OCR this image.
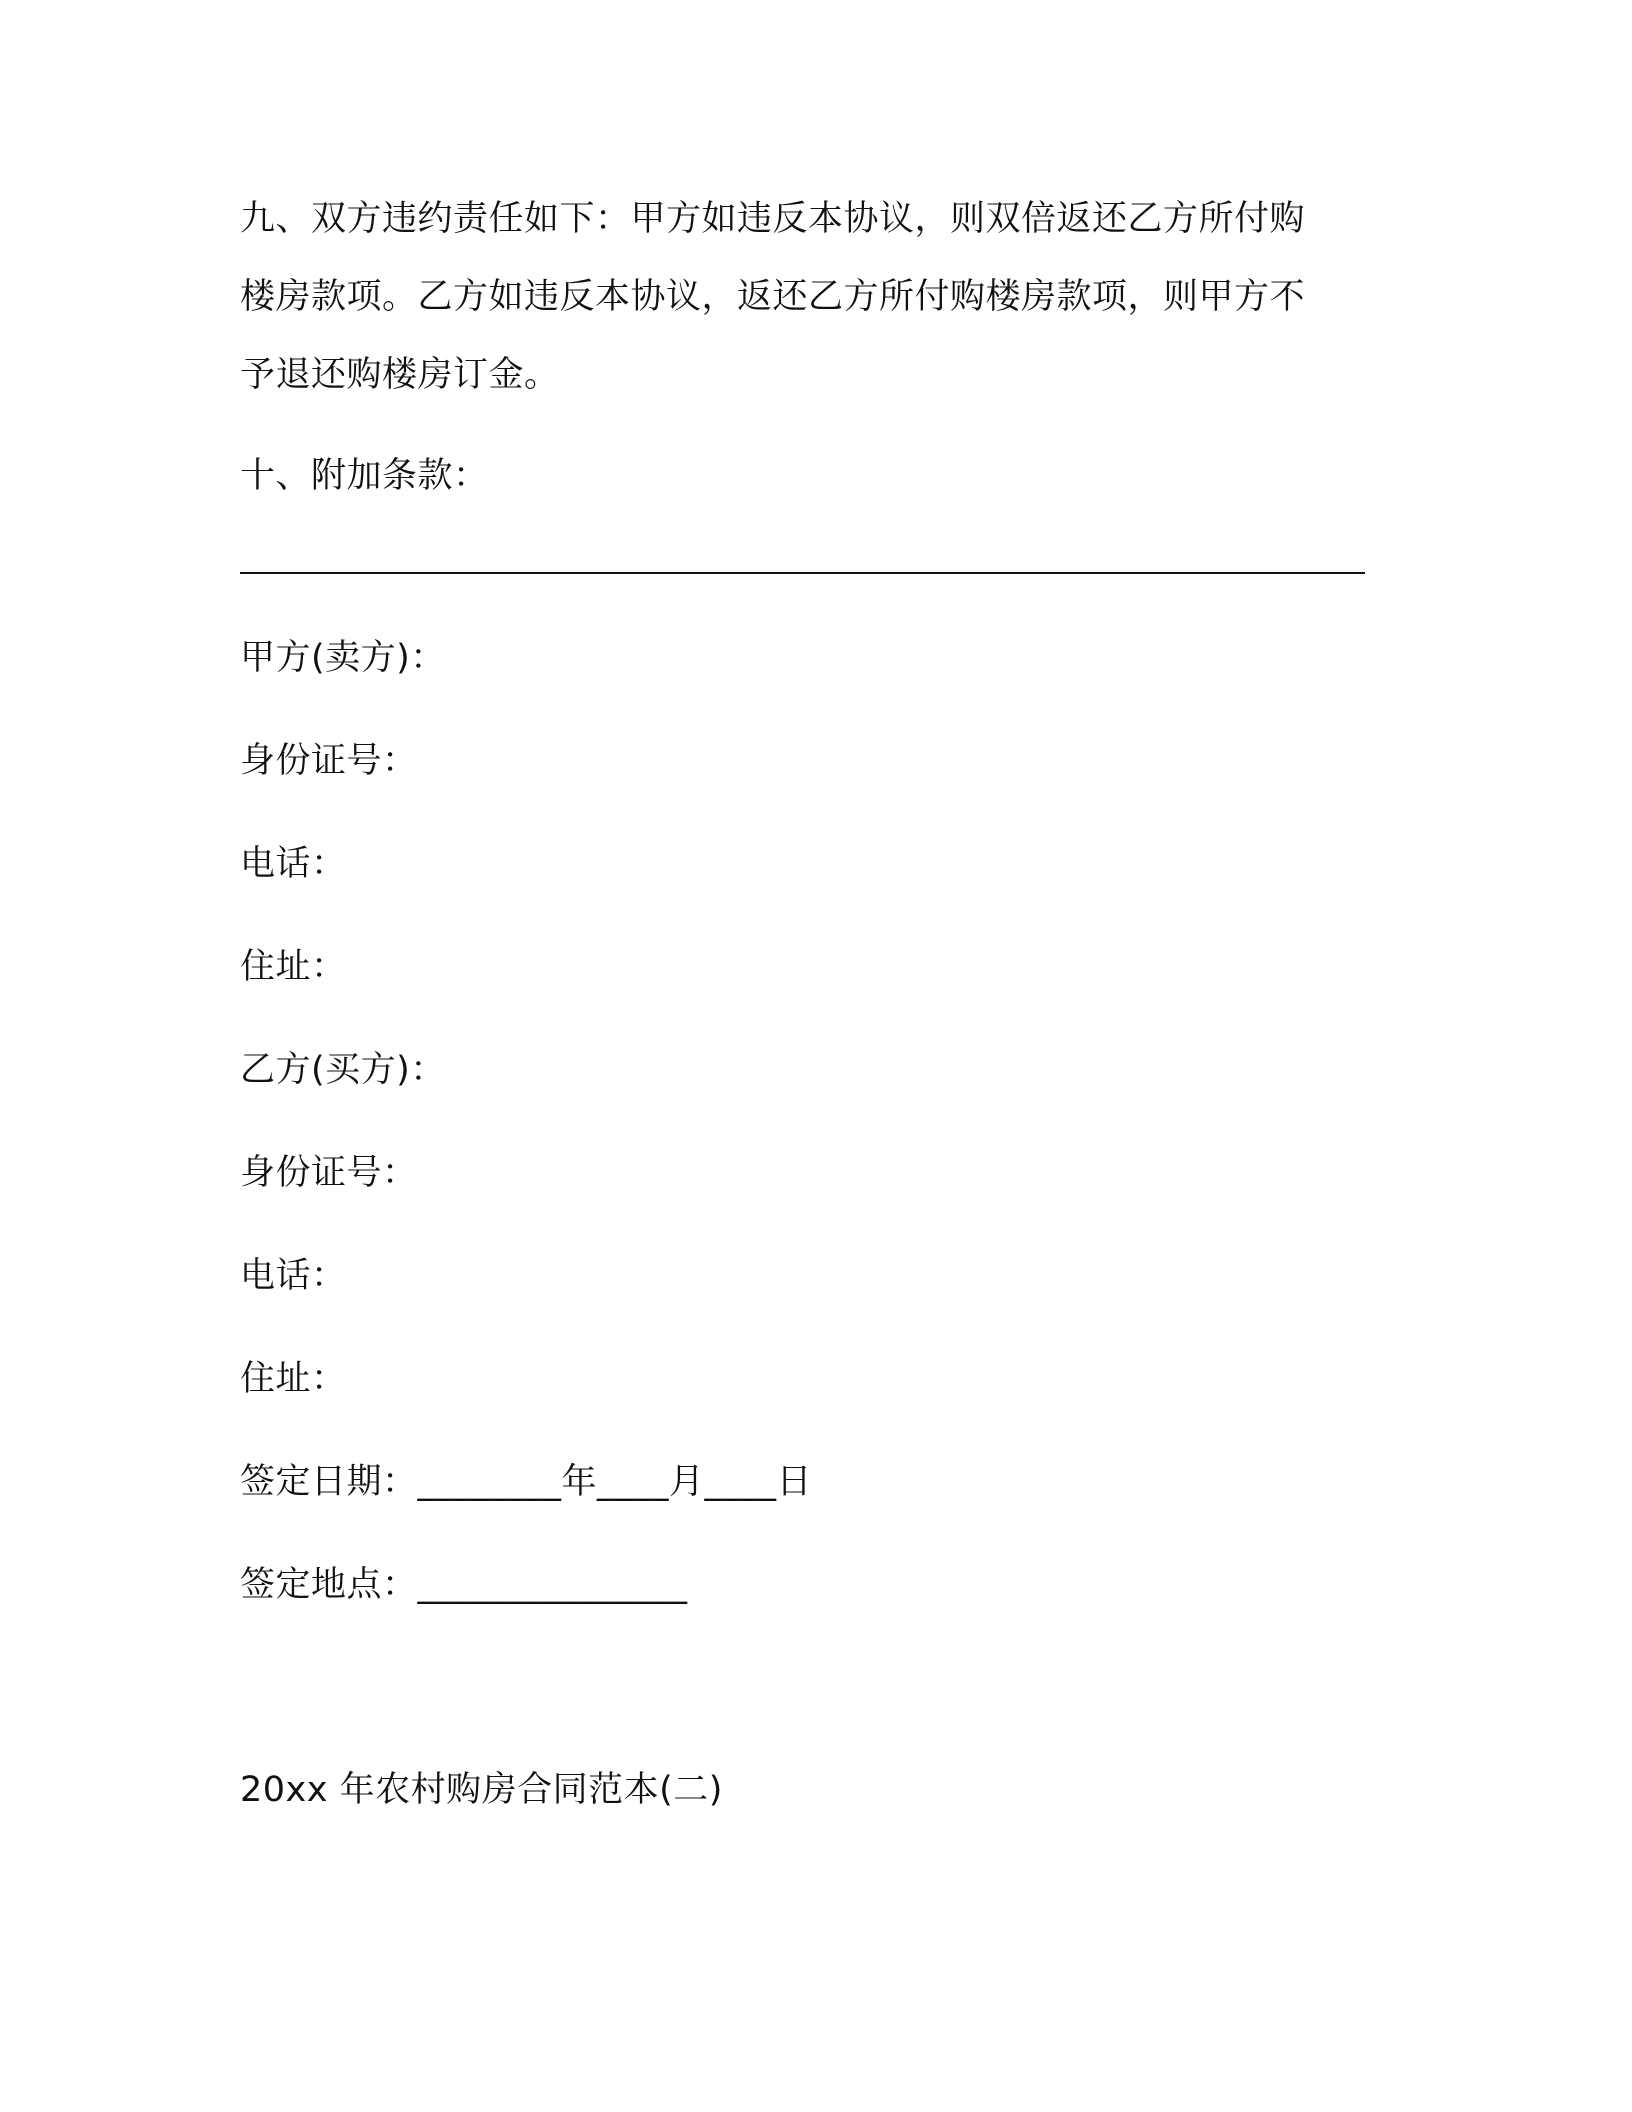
九、双方违约责任如下：甲方如违反本协议，则双倍返还乙方所付购
楼房款项。乙方如违反本协议，返还乙方所付购楼房款项，则甲方不
予退还购楼房订金。
十、附加条款：
甲方(卖方)：
身份证号：
电话：
住址：
乙方(买方)：
身份证号：
电话：
住址：
签定日期：________年____月____日
签定地点：_______________
20xx 年农村购房合同范本(二)
